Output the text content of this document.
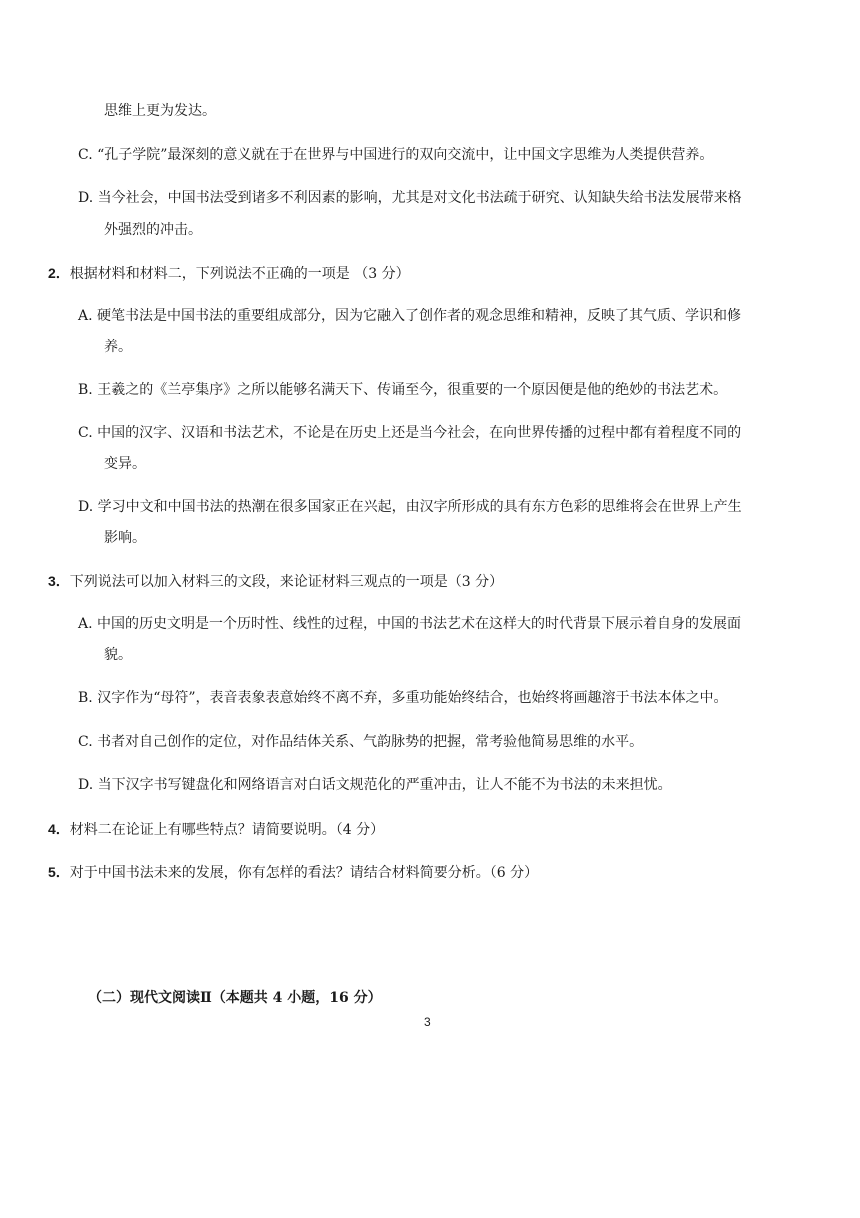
思维上更为发达。
C. “孔子学院”最深刻的意义就在于在世界与中国进行的双向交流中，让中国文字思维为人类提供营养。
D. 当今社会，中国书法受到诸多不利因素的影响，尤其是对文化书法疏于研究、认知缺失给书法发展带来格
外强烈的冲击。
2．根据材料和材料二，下列说法不正确的一项是 （3 分）
A. 硬笔书法是中国书法的重要组成部分，因为它融入了创作者的观念思维和精神，反映了其气质、学识和修
养。
B. 王羲之的《兰亭集序》之所以能够名满天下、传诵至今，很重要的一个原因便是他的绝妙的书法艺术。
C. 中国的汉字、汉语和书法艺术，不论是在历史上还是当今社会，在向世界传播的过程中都有着程度不同的
变异。
D. 学习中文和中国书法的热潮在很多国家正在兴起，由汉字所形成的具有东方色彩的思维将会在世界上产生
影响。
3．下列说法可以加入材料三的文段，来论证材料三观点的一项是（3 分）
A. 中国的历史文明是一个历时性、线性的过程，中国的书法艺术在这样大的时代背景下展示着自身的发展面
貌。
B. 汉字作为“母符”，表音表象表意始终不离不弃，多重功能始终结合，也始终将画趣溶于书法本体之中。
C. 书者对自己创作的定位，对作品结体关系、气韵脉势的把握，常考验他简易思维的水平。
D. 当下汉字书写键盘化和网络语言对白话文规范化的严重冲击，让人不能不为书法的未来担忧。
4．材料二在论证上有哪些特点？请简要说明。（4 分）
5．对于中国书法未来的发展，你有怎样的看法？请结合材料简要分析。（6 分）
（二）现代文阅读Ⅱ（本题共 4 小题，16 分）
3
